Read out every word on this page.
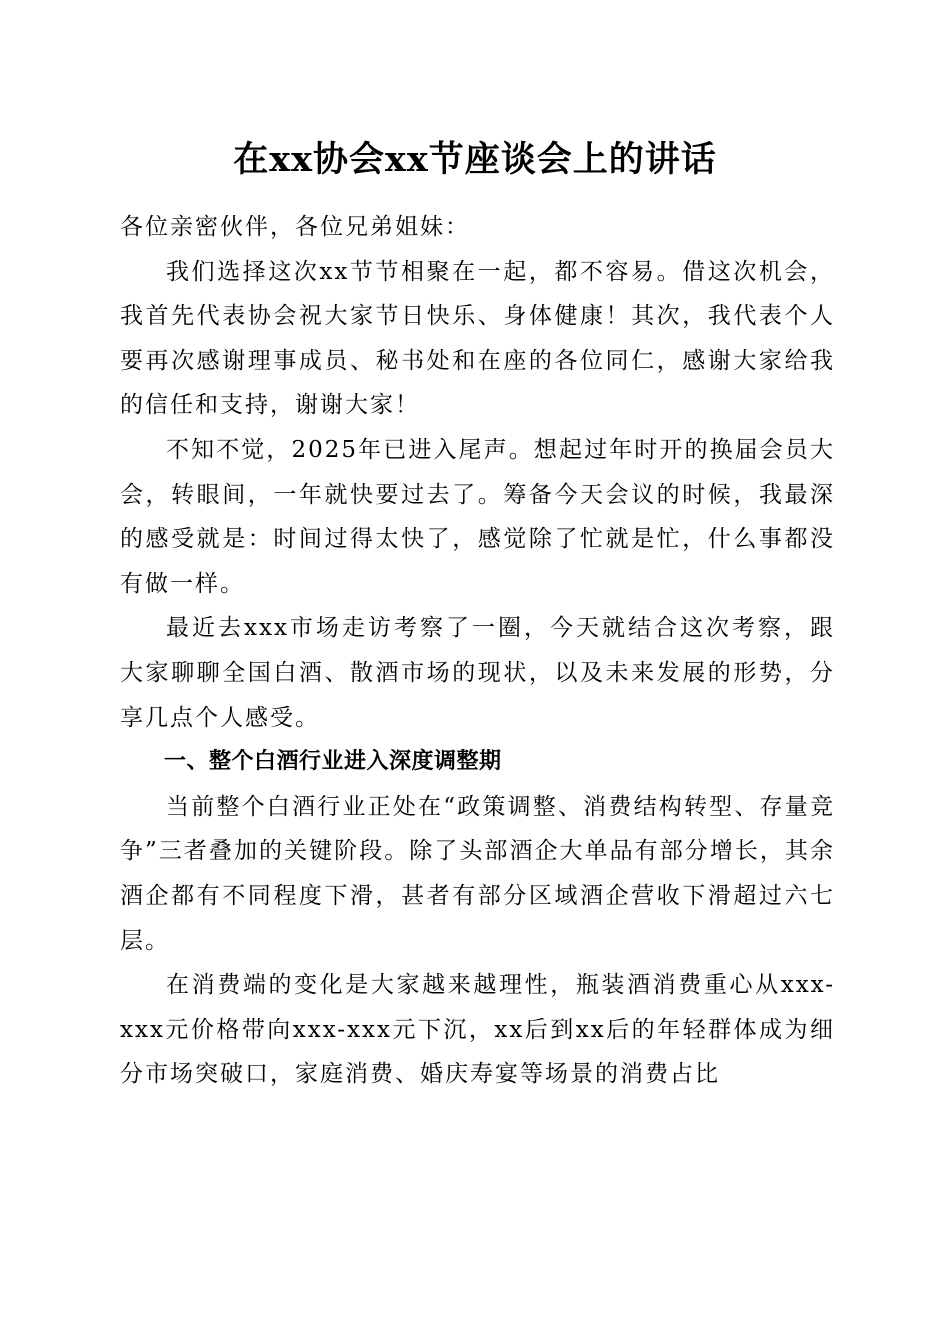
在xx协会xx节座谈会上的讲话

各位亲密伙伴，各位兄弟姐妹：

我们选择这次xx节节相聚在一起，都不容易。借这次机会，我首先代表协会祝大家节日快乐、身体健康！其次，我代表个人要再次感谢理事成员、秘书处和在座的各位同仁，感谢大家给我的信任和支持，谢谢大家！

不知不觉，2025年已进入尾声。想起过年时开的换届会员大会，转眼间，一年就快要过去了。筹备今天会议的时候，我最深的感受就是：时间过得太快了，感觉除了忙就是忙，什么事都没有做一样。

最近去xxx市场走访考察了一圈，今天就结合这次考察，跟大家聊聊全国白酒、散酒市场的现状，以及未来发展的形势，分享几点个人感受。

一、整个白酒行业进入深度调整期

当前整个白酒行业正处在“政策调整、消费结构转型、存量竞争”三者叠加的关键阶段。除了头部酒企大单品有部分增长，其余酒企都有不同程度下滑，甚者有部分区域酒企营收下滑超过六七层。

在消费端的变化是大家越来越理性，瓶装酒消费重心从xxx-xxx元价格带向xxx-xxx元下沉，xx后到xx后的年轻群体成为细分市场突破口，家庭消费、婚庆寿宴等场景的消费占比
